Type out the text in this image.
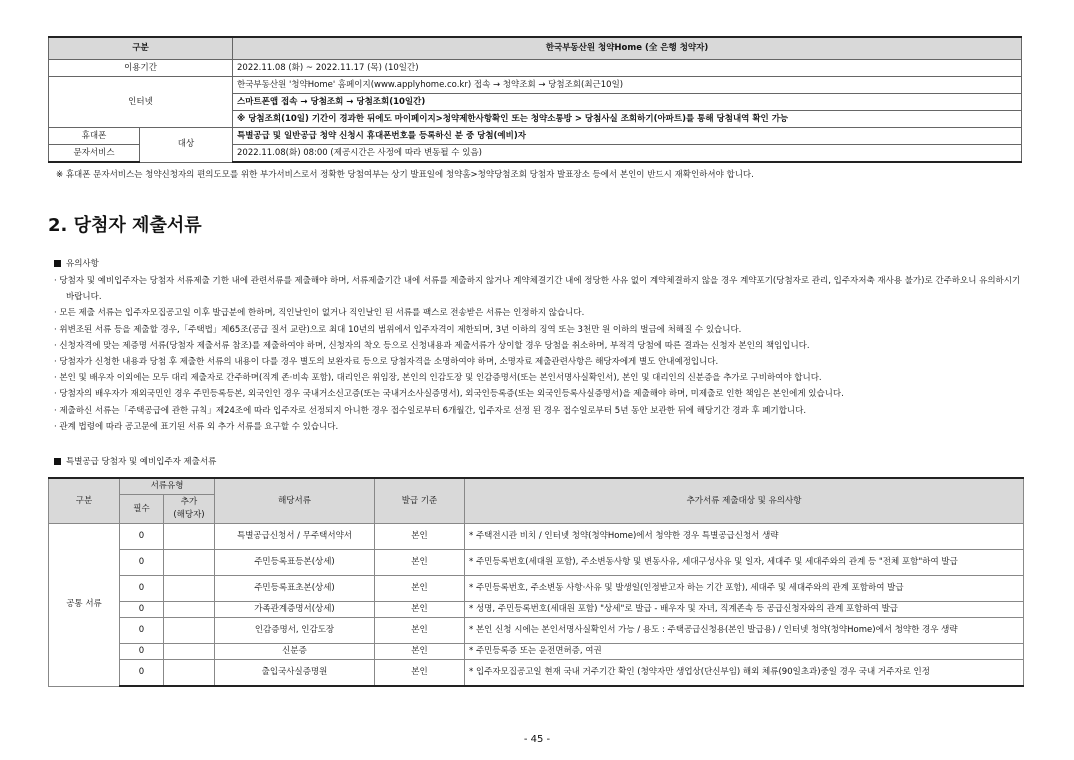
구분		한국부동산원 청약Home (全 은행 청약자)
이용기간		2022.11.08 (화) ~ 2022.11.17 (목) (10일간)
인터넷		한국부동산원 '청약Home' 홈페이지(www.applyhome.co.kr) 접속 → 청약조회 → 당첨조회(최근10일)
		스마트폰앱 접속 → 당첨조회 → 당첨조회(10일간)
		※ 당첨조회(10일) 기간이 경과한 뒤에도 마이페이지>청약제한사항확인 또는 청약소통방 > 당첨사실 조회하기(아파트)를 통해 당첨내역 확인 가능
휴대폰	대상	특별공급 및 일반공급 청약 신청시 휴대폰번호를 등록하신 분 중 당첨(예비)자
문자서비스		2022.11.08(화) 08:00 (제공시간은 사정에 따라 변동될 수 있음)
※ 휴대폰 문자서비스는 청약신청자의 편의도모를 위한 부가서비스로서 정확한 당첨여부는 상기 발표일에 청약홈>청약당첨조회 당첨자 발표장소 등에서 본인이 반드시 재확인하셔야 합니다.
2. 당첨자 제출서류
유의사항
· 당첨자 및 예비입주자는 당첨자 서류제출 기한 내에 관련서류를 제출해야 하며, 서류제출기간 내에 서류를 제출하지 않거나 계약체결기간 내에 정당한 사유 없이 계약체결하지 않을 경우 계약포기(당첨자로 관리, 입주자저축 재사용 불가)로 간주하오니 유의하시기 바랍니다.
· 모든 제출 서류는 입주자모집공고일 이후 발급분에 한하며, 직인날인이 없거나 직인날인 된 서류를 팩스로 전송받은 서류는 인정하지 않습니다.
· 위변조된 서류 등을 제출할 경우,「주택법」제65조(공급 질서 교란)으로 최대 10년의 범위에서 입주자격이 제한되며, 3년 이하의 징역 또는 3천만 원 이하의 벌금에 처해질 수 있습니다.
· 신청자격에 맞는 제증명 서류(당첨자 제출서류 참조)를 제출하여야 하며, 신청자의 착오 등으로 신청내용과 제출서류가 상이할 경우 당첨을 취소하며, 부적격 당첨에 따른 결과는 신청자 본인의 책임입니다.
· 당첨자가 신청한 내용과 당첨 후 제출한 서류의 내용이 다를 경우 별도의 보완자료 등으로 당첨자격을 소명하여야 하며, 소명자료 제출관련사항은 해당자에게 별도 안내예정입니다.
· 본인 및 배우자 이외에는 모두 대리 제출자로 간주하며(직계 존·비속 포함), 대리인은 위임장, 본인의 인감도장 및 인감증명서(또는 본인서명사실확인서), 본인 및 대리인의 신분증을 추가로 구비하여야 합니다.
· 당첨자의 배우자가 재외국민인 경우 주민등록등본, 외국인인 경우 국내거소신고증(또는 국내거소사실증명서), 외국인등록증(또는 외국인등록사실증명서)을 제출해야 하며, 미제출로 인한 책임은 본인에게 있습니다.
· 제출하신 서류는「주택공급에 관한 규칙」제24조에 따라 입주자로 선정되지 아니한 경우 접수일로부터 6개월간, 입주자로 선정 된 경우 접수일로부터 5년 동안 보관한 뒤에 해당기간 경과 후 폐기합니다.
· 관계 법령에 따라 공고문에 표기된 서류 외 추가 서류를 요구할 수 있습니다.
특별공급 당첨자 및 예비입주자 제출서류
구분	서류유형		해당서류	발급 기준	추가서류 제출대상 및 유의사항
	필수	추가
(해당자)			
공통 서류	0		특별공급신청서 / 무주택서약서	본인	* 주택전시관 비치 / 인터넷 청약(청약Home)에서 청약한 경우 특별공급신청서 생략
	0		주민등록표등본(상세)	본인	* 주민등록번호(세대원 포함), 주소변동사항 및 변동사유, 세대구성사유 및 일자, 세대주 및 세대주와의 관계 등 "전체 포함"하여 발급
	0		주민등록표초본(상세)	본인	* 주민등록번호, 주소변동 사항·사유 및 발생일(인정받고자 하는 기간 포함), 세대주 및 세대주와의 관계 포함하여 발급
	0		가족관계증명서(상세)	본인	* 성명, 주민등록번호(세대원 포함) "상세"로 발급 - 배우자 및 자녀, 직계존속 등 공급신청자와의 관계 포함하여 발급
	0		인감증명서, 인감도장	본인	* 본인 신청 시에는 본인서명사실확인서 가능 / 용도 : 주택공급신청용(본인 발급용) / 인터넷 청약(청약Home)에서 청약한 경우 생략
	0		신분증	본인	* 주민등록증 또는 운전면허증, 여권
	0		출입국사실증명원	본인	* 입주자모집공고일 현재 국내 거주기간 확인 (청약자만 생업상(단신부임) 해외 체류(90일초과)중일 경우 국내 거주자로 인정
- 45 -
